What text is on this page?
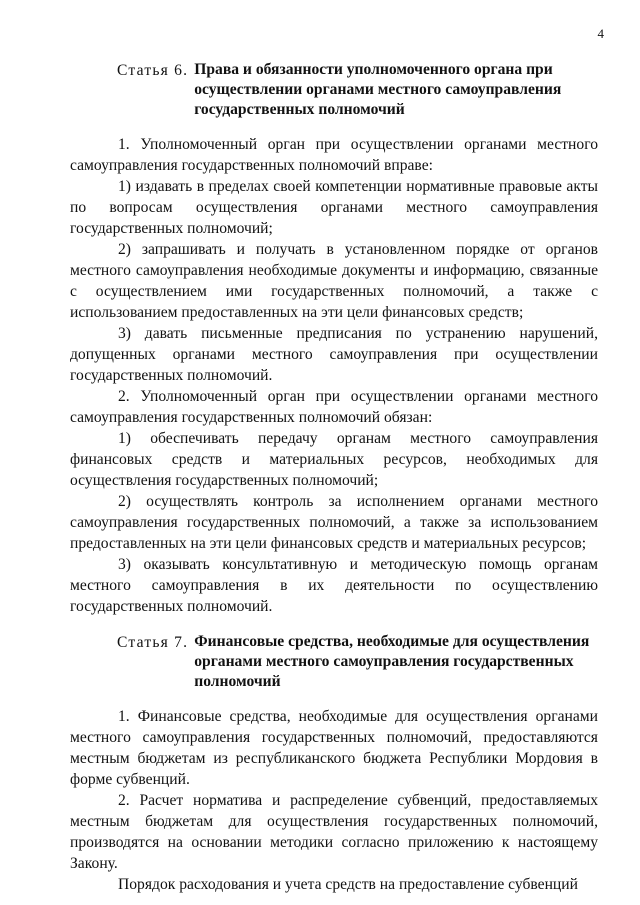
4
Статья 6. Права и обязанности уполномоченного органа при осуществлении органами местного самоуправления государственных полномочий

1. Уполномоченный орган при осуществлении органами местного самоуправления государственных полномочий вправе:

1) издавать в пределах своей компетенции нормативные правовые акты по вопросам осуществления органами местного самоуправления государственных полномочий;

2) запрашивать и получать в установленном порядке от органов местного самоуправления необходимые документы и информацию, связанные с осуществлением ими государственных полномочий, а также с использованием предоставленных на эти цели финансовых средств;

3) давать письменные предписания по устранению нарушений, допущенных органами местного самоуправления при осуществлении государственных полномочий.

2. Уполномоченный орган при осуществлении органами местного самоуправления государственных полномочий обязан:

1) обеспечивать передачу органам местного самоуправления финансовых средств и материальных ресурсов, необходимых для осуществления государственных полномочий;

2) осуществлять контроль за исполнением органами местного самоуправления государственных полномочий, а также за использованием предоставленных на эти цели финансовых средств и материальных ресурсов;

3) оказывать консультативную и методическую помощь органам местного самоуправления в их деятельности по осуществлению государственных полномочий.

Статья 7. Финансовые средства, необходимые для осуществления органами местного самоуправления государственных полномочий

1. Финансовые средства, необходимые для осуществления органами местного самоуправления государственных полномочий, предоставляются местным бюджетам из республиканского бюджета Республики Мордовия в форме субвенций.

2. Расчет норматива и распределение субвенций, предоставляемых местным бюджетам для осуществления государственных полномочий, производятся на основании методики согласно приложению к настоящему Закону.

Порядок расходования и учета средств на предоставление субвенций
